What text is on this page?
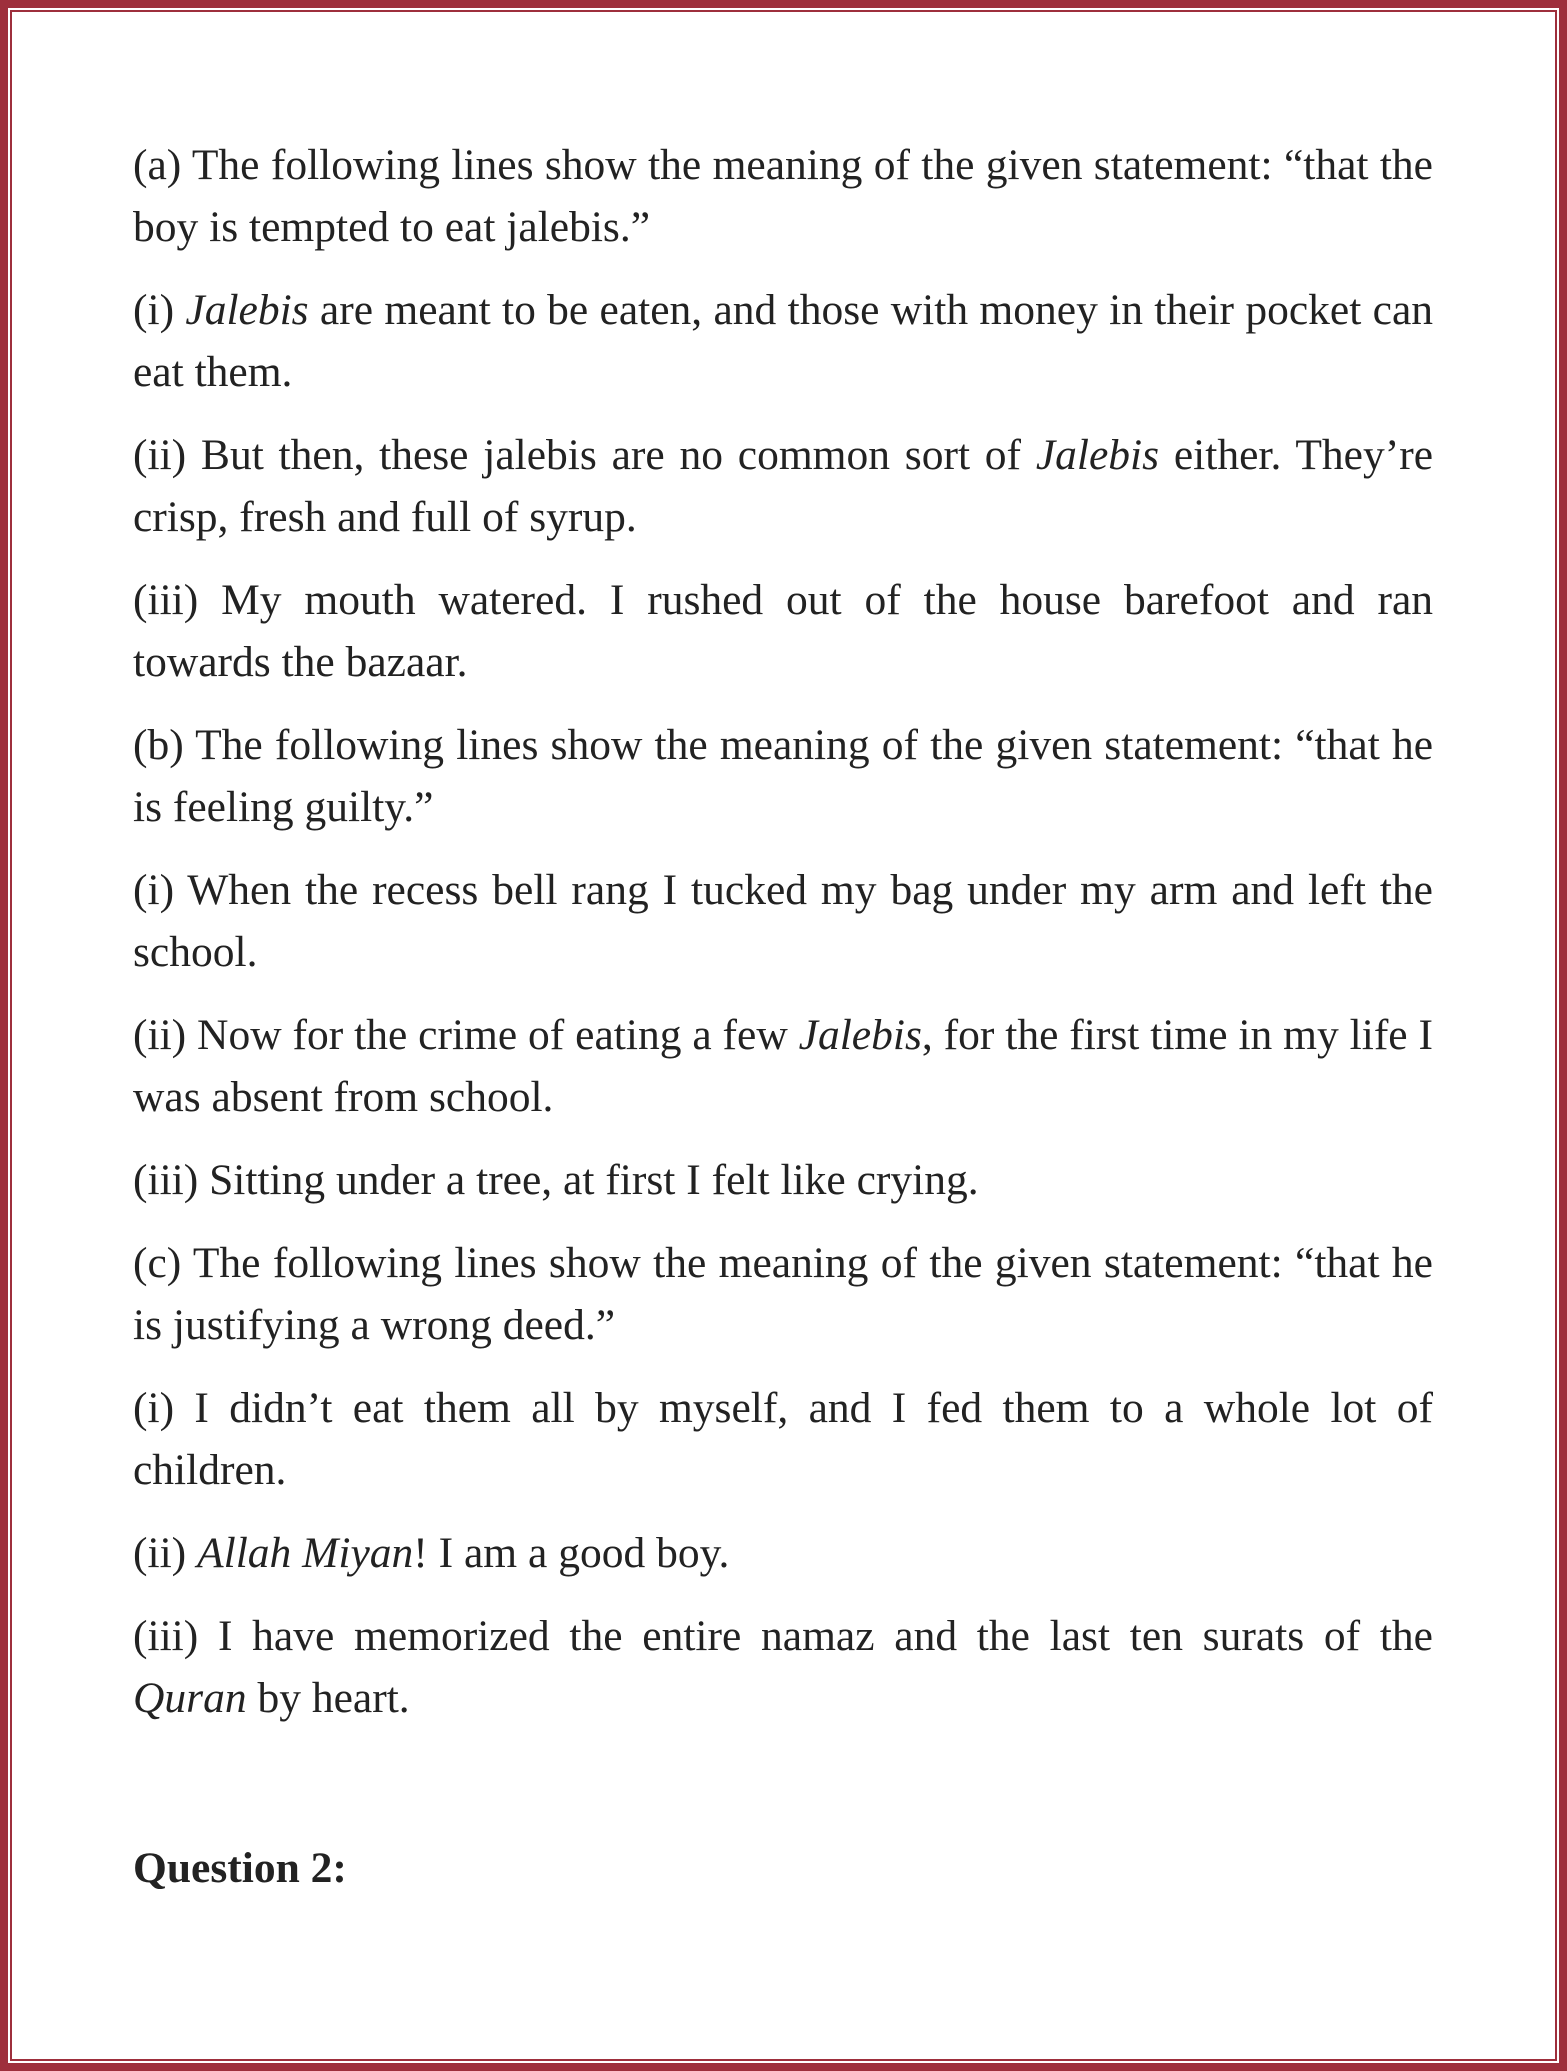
(a) The following lines show the meaning of the given statement: “that the boy is tempted to eat jalebis.”

(i) Jalebis are meant to be eaten, and those with money in their pocket can eat them.

(ii) But then, these jalebis are no common sort of Jalebis either. They’re crisp, fresh and full of syrup.

(iii) My mouth watered. I rushed out of the house barefoot and ran towards the bazaar.

(b) The following lines show the meaning of the given statement: “that he is feeling guilty.”

(i) When the recess bell rang I tucked my bag under my arm and left the school.

(ii) Now for the crime of eating a few Jalebis, for the first time in my life I was absent from school.

(iii) Sitting under a tree, at first I felt like crying.

(c) The following lines show the meaning of the given statement: “that he is justifying a wrong deed.”

(i) I didn’t eat them all by myself, and I fed them to a whole lot of children.

(ii) Allah Miyan! I am a good boy.

(iii) I have memorized the entire namaz and the last ten surats of the Quran by heart.

Question 2:
